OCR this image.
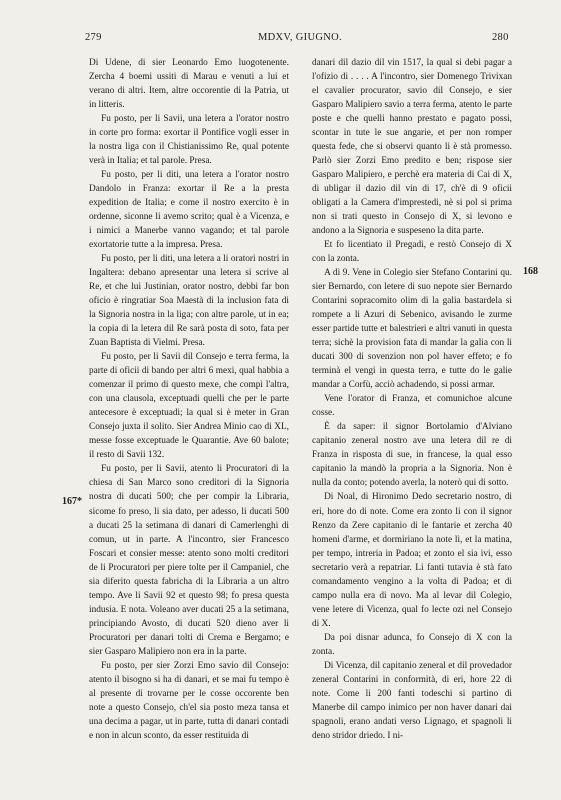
279	MDXV, GIUGNO.	280
167*
168

Di Udene, di sier Leonardo Emo luogotenente. Zercha 4 boemi ussiti di Marau e venuti a lui et verano di altri. Item, altre occorentie di la Patria, ut in litteris.

Fu posto, per li Savii, una letera a l'orator nostro in corte pro forma: exortar il Pontifice vogli esser in la nostra liga con il Chistianissimo Re, qual potente verà in Italia; et tal parole. Presa.

Fu posto, per li diti, una letera a l'orator nostro Dandolo in Franza: exortar il Re a la presta expedition de Italia; e come il nostro exercito è in ordenne, siconne li avemo scrito; qual è a Vicenza, e i nimici a Manerbe vanno vagando; et tal parole exortatorie tutte a la impresa. Presa.

Fu posto, per li diti, una letera a li oratori nostri in Ingaltera: debano apresentar una letera si scrive al Re, et che lui Justinian, orator nostro, debbi far bon oficio è ringratiar Soa Maestà di la inclusion fata di la Signoria nostra in la liga; con altre parole, ut in ea; la copia di la letera dil Re sarà posta di soto, fata per Zuan Baptista di Vielmi. Presa.

Fu posto, per li Savii dil Consejo e terra ferma, la parte di oficii di bando per altri 6 mexi, qual habbia a comenzar il primo di questo mexe, che compì l'altra, con una clausola, exceptuadi quelli che per le parte antecesore è exceptuadi; la qual si è meter in Gran Consejo juxta il solito. Sier Andrea Minio cao di XL, messe fosse exceptuade le Quarantie. Ave 60 balote; il resto di Savii 132.

Fu posto, per li Savii, atento li Procuratori di la chiesa di San Marco sono creditori di la Signoria nostra di ducati 500; che per compir la Libraria, sicome fo preso, li sia dato, per adesso, li ducati 500 a ducati 25 la setimana di danari di Camerlenghi di comun, ut in parte. A l'incontro, sier Francesco Foscari et consier messe: atento sono molti creditori de li Procuratori per piere tolte per il Campaniel, che sia diferito questa fabricha di la Libraria a un altro tempo. Ave li Savii 92 et questo 98; fo presa questa indusia. E nota. Voleano aver ducati 25 a la setimana, principiando Avosto, di ducati 520 dieno aver li Procuratori per danari tolti di Crema e Bergamo; e sier Gasparo Malipiero non era in la parte.

Fu posto, per sier Zorzi Emo savio dil Consejo: atento il bisogno si ha di danari, et se mai fu tempo è al presente di trovarne per le cosse occorente ben note a questo Consejo, ch'el sia posto meza tansa et una decima a pagar, ut in parte, tutta di danari contadi e non in alcun sconto, da esser restituida di

danari dil dazio dil vin 1517, la qual si debi pagar a l'ofizio di . . . . A l'incontro, sier Domenego Trivixan el cavalier procurator, savio dil Consejo, e sier Gasparo Malipiero savio a terra ferma, atento le parte poste e che quelli hanno prestato e pagato possi, scontar in tute le sue angarie, et per non romper questa fede, che si observi quanto li è stà promesso. Parlò sier Zorzi Emo predito e ben; rispose sier Gasparo Malipiero, e perchè era materia di Cai di X, di ubligar il dazio dil vin di 17, ch'è di 9 oficii obligati a la Camera d'imprestedi, nè si pol si prima non si trati questo in Consejo di X, si levono e andono a la Signoria e suspeseno la dita parte.

Et fo licentiato il Pregadi, e restò Consejo di X con la zonta.

A dì 9. Vene in Colegio sier Stefano Contarini qu. sier Bernardo, con letere di suo nepote sier Bernardo Contarini sopracomito olim di la galia bastardela si rompete a li Azuri di Sebenico, avisando le zurme esser partide tutte et balestrieri e altri vanuti in questa terra; sichè la provision fata di mandar la galia con li ducati 300 di sovenzion non pol haver effeto; e fo terminà el vengi in questa terra, e tutte do le galie mandar a Corfù, acciò achadendo, si possi armar.

Vene l'orator di Franza, et comunichoe alcune cosse.

È da saper: il signor Bortolamio d'Alviano capitanio zeneral nostro ave una letera dil re di Franza in risposta di sue, in francese, la qual esso capitanio la mandò la propria a la Signoria. Non è nulla da conto; potendo averla, la noterò qui di sotto.

Di Noal, di Hironimo Dedo secretario nostro, di eri, hore do di note. Come era zonto li con il signor Renzo da Zere capitanio di le fantarie et zercha 40 homeni d'arme, et dormiriano la note lì, et la matina, per tempo, intreria in Padoa; et zonto el sia ivi, esso secretario verà a repatriar. Li fanti tutavia è stà fato comandamento vengino a la volta di Padoa; et di campo nulla era di novo. Ma al levar dil Colegio, vene letere di Vicenza, qual fo lecte ozi nel Consejo di X.

Da poi disnar adunca, fo Consejo di X con la zonta.

Di Vicenza, dil capitanio zeneral et dil provedador zeneral Contarini in conformità, di eri, hore 22 di note. Come li 200 fanti todeschi si partino di Manerbe dil campo inimico per non haver danari dai spagnoli, erano andati verso Lignago, et spagnoli li deno stridor driedo. I ni-
